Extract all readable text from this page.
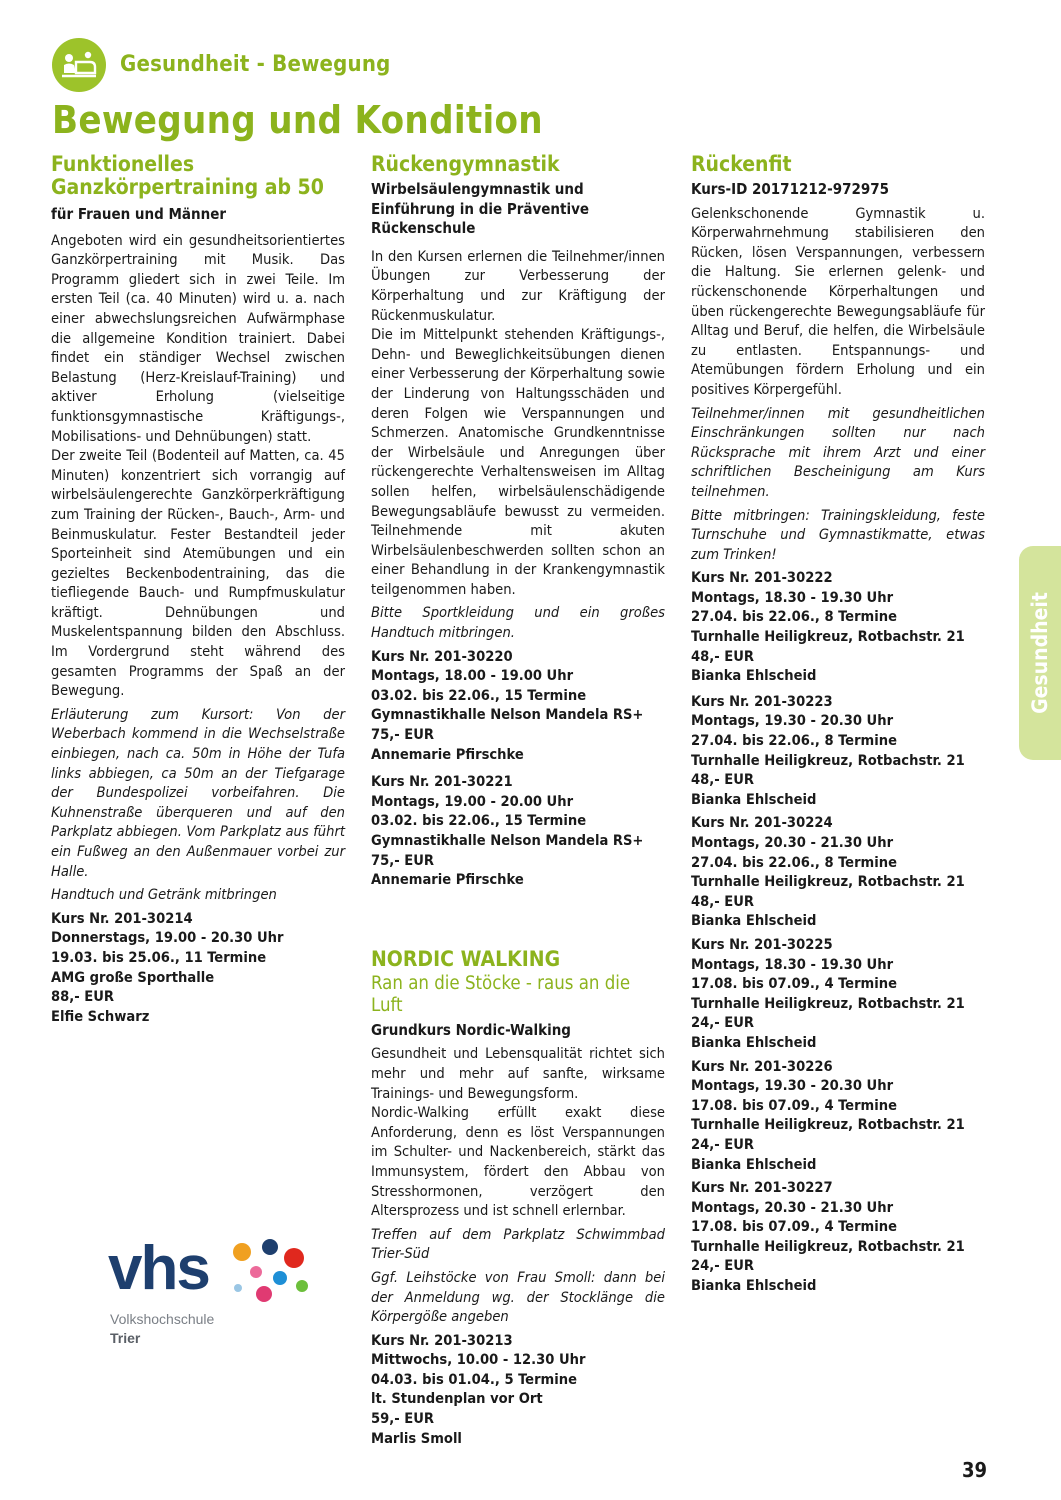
Gesundheit - Bewegung
Bewegung und Kondition
Funktionelles Ganzkörpertraining ab 50
für Frauen und Männer

Angeboten wird ein gesundheitsorientiertes Ganzkörpertraining mit Musik. Das Programm gliedert sich in zwei Teile. Im ersten Teil (ca. 40 Minuten) wird u. a. nach einer abwechslungsreichen Aufwärmphase die allgemeine Kondition trainiert. Dabei findet ein ständiger Wechsel zwischen Belastung (Herz-Kreislauf-Training) und aktiver Erholung (vielseitige funktionsgymnastische Kräftigungs-, Mobilisations- und Dehnübungen) statt.

Der zweite Teil (Bodenteil auf Matten, ca. 45 Minuten) konzentriert sich vorrangig auf wirbelsäulengerechte Ganzkörperkräftigung zum Training der Rücken-, Bauch-, Arm- und Beinmuskulatur. Fester Bestandteil jeder Sporteinheit sind Atemübungen und ein gezieltes Beckenbodentraining, das die tiefliegende Bauch- und Rumpfmuskulatur kräftigt. Dehnübungen und Muskelentspannung bilden den Abschluss. Im Vordergrund steht während des gesamten Programms der Spaß an der Bewegung.

Erläuterung zum Kursort: Von der Weberbach kommend in die Wechselstraße einbiegen, nach ca. 50m in Höhe der Tufa links abbiegen, ca 50m an der Tiefgarage der Bundespolizei vorbeifahren. Die Kuhnenstraße überqueren und auf den Parkplatz abbiegen. Vom Parkplatz aus führt ein Fußweg an den Außenmauer vorbei zur Halle.

Handtuch und Getränk mitbringen

Kurs Nr. 201-30214
Donnerstags, 19.00 - 20.30 Uhr
19.03. bis 25.06., 11 Termine
AMG große Sporthalle
88,- EUR
Elfie Schwarz
Rückengymnastik
Wirbelsäulengymnastik und Einführung in die Präventive Rückenschule

In den Kursen erlernen die Teilnehmer/innen Übungen zur Verbesserung der Körperhaltung und zur Kräftigung der Rückenmuskulatur.

Die im Mittelpunkt stehenden Kräftigungs-, Dehn- und Beweglichkeitsübungen dienen einer Verbesserung der Körperhaltung sowie der Linderung von Haltungsschäden und deren Folgen wie Verspannungen und Schmerzen. Anatomische Grundkenntnisse der Wirbelsäule und Anregungen über rückengerechte Verhaltensweisen im Alltag sollen helfen, wirbelsäulenschädigende Bewegungsabläufe bewusst zu vermeiden. Teilnehmende mit akuten Wirbelsäulenbeschwerden sollten schon an einer Behandlung in der Krankengymnastik teilgenommen haben.

Bitte Sportkleidung und ein großes Handtuch mitbringen.

Kurs Nr. 201-30220
Montags, 18.00 - 19.00 Uhr
03.02. bis 22.06., 15 Termine
Gymnastikhalle Nelson Mandela RS+
75,- EUR
Annemarie Pfirschke
Kurs Nr. 201-30221
Montags, 19.00 - 20.00 Uhr
03.02. bis 22.06., 15 Termine
Gymnastikhalle Nelson Mandela RS+
75,- EUR
Annemarie Pfirschke
NORDIC WALKING
Ran an die Stöcke - raus an die Luft
Grundkurs Nordic-Walking

Gesundheit und Lebensqualität richtet sich mehr und mehr auf sanfte, wirksame Trainings- und Bewegungsform.

Nordic-Walking erfüllt exakt diese Anforderung, denn es löst Verspannungen im Schulter- und Nackenbereich, stärkt das Immunsystem, fördert den Abbau von Stresshormonen, verzögert den Altersprozess und ist schnell erlernbar.

Treffen auf dem Parkplatz Schwimmbad Trier-Süd

Ggf. Leihstöcke von Frau Smoll: dann bei der Anmeldung wg. der Stocklänge die Körpergöße angeben

Kurs Nr. 201-30213
Mittwochs, 10.00 - 12.30 Uhr
04.03. bis 01.04., 5 Termine
lt. Stundenplan vor Ort
59,- EUR
Marlis Smoll
Rückenfit
Kurs-ID 20171212-972975

Gelenkschonende Gymnastik u. Körperwahrnehmung stabilisieren den Rücken, lösen Verspannungen, verbessern die Haltung. Sie erlernen gelenk- und rückenschonende Körperhaltungen und üben rückengerechte Bewegungsabläufe für Alltag und Beruf, die helfen, die Wirbelsäule zu entlasten. Entspannungs- und Atemübungen fördern Erholung und ein positives Körpergefühl.

Teilnehmer/innen mit gesundheitlichen Einschränkungen sollten nur nach Rücksprache mit ihrem Arzt und einer schriftlichen Bescheinigung am Kurs teilnehmen.

Bitte mitbringen: Trainingskleidung, feste Turnschuhe und Gymnastikmatte, etwas zum Trinken!

Kurs Nr. 201-30222
Montags, 18.30 - 19.30 Uhr
27.04. bis 22.06., 8 Termine
Turnhalle Heiligkreuz, Rotbachstr. 21
48,- EUR
Bianka Ehlscheid
Kurs Nr. 201-30223
Montags, 19.30 - 20.30 Uhr
27.04. bis 22.06., 8 Termine
Turnhalle Heiligkreuz, Rotbachstr. 21
48,- EUR
Bianka Ehlscheid
Kurs Nr. 201-30224
Montags, 20.30 - 21.30 Uhr
27.04. bis 22.06., 8 Termine
Turnhalle Heiligkreuz, Rotbachstr. 21
48,- EUR
Bianka Ehlscheid
Kurs Nr. 201-30225
Montags, 18.30 - 19.30 Uhr
17.08. bis 07.09., 4 Termine
Turnhalle Heiligkreuz, Rotbachstr. 21
24,- EUR
Bianka Ehlscheid
Kurs Nr. 201-30226
Montags, 19.30 - 20.30 Uhr
17.08. bis 07.09., 4 Termine
Turnhalle Heiligkreuz, Rotbachstr. 21
24,- EUR
Bianka Ehlscheid
Kurs Nr. 201-30227
Montags, 20.30 - 21.30 Uhr
17.08. bis 07.09., 4 Termine
Turnhalle Heiligkreuz, Rotbachstr. 21
24,- EUR
Bianka Ehlscheid
vhs
Volkshochschule
Trier
Gesundheit
39
